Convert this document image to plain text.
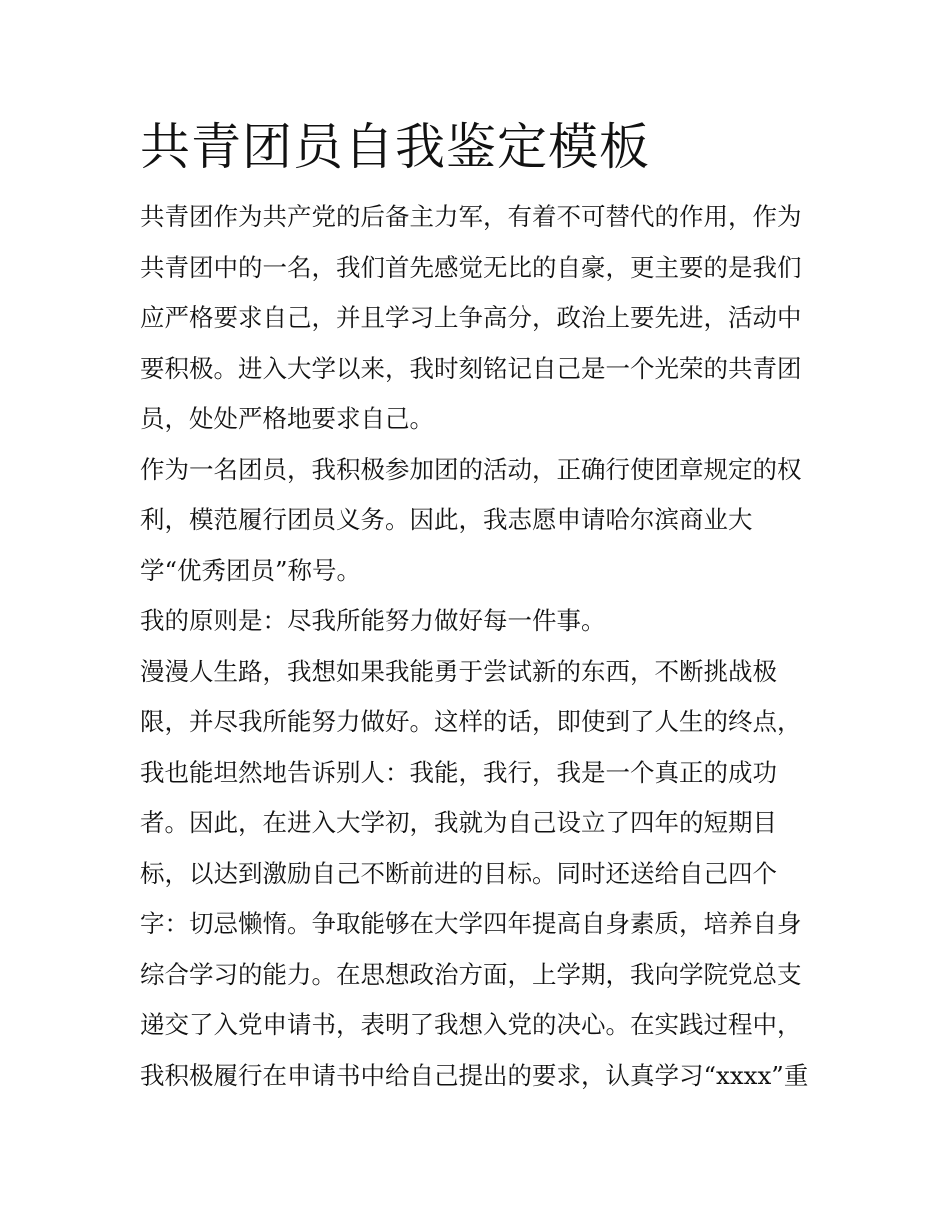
共青团员自我鉴定模板

共青团作为共产党的后备主力军，有着不可替代的作用，作为
共青团中的一名，我们首先感觉无比的自豪，更主要的是我们
应严格要求自己，并且学习上争高分，政治上要先进，活动中
要积极。进入大学以来，我时刻铭记自己是一个光荣的共青团
员，处处严格地要求自己。

作为一名团员，我积极参加团的活动，正确行使团章规定的权
利，模范履行团员义务。因此，我志愿申请哈尔滨商业大
学“优秀团员”称号。

我的原则是：尽我所能努力做好每一件事。

漫漫人生路，我想如果我能勇于尝试新的东西，不断挑战极
限，并尽我所能努力做好。这样的话，即使到了人生的终点，
我也能坦然地告诉别人：我能，我行，我是一个真正的成功
者。因此，在进入大学初，我就为自己设立了四年的短期目
标，以达到激励自己不断前进的目标。同时还送给自己四个
字：切忌懒惰。争取能够在大学四年提高自身素质，培养自身
综合学习的能力。在思想政治方面，上学期，我向学院党总支
递交了入党申请书，表明了我想入党的决心。在实践过程中，
我积极履行在申请书中给自己提出的要求，认真学习“xxxx”重
